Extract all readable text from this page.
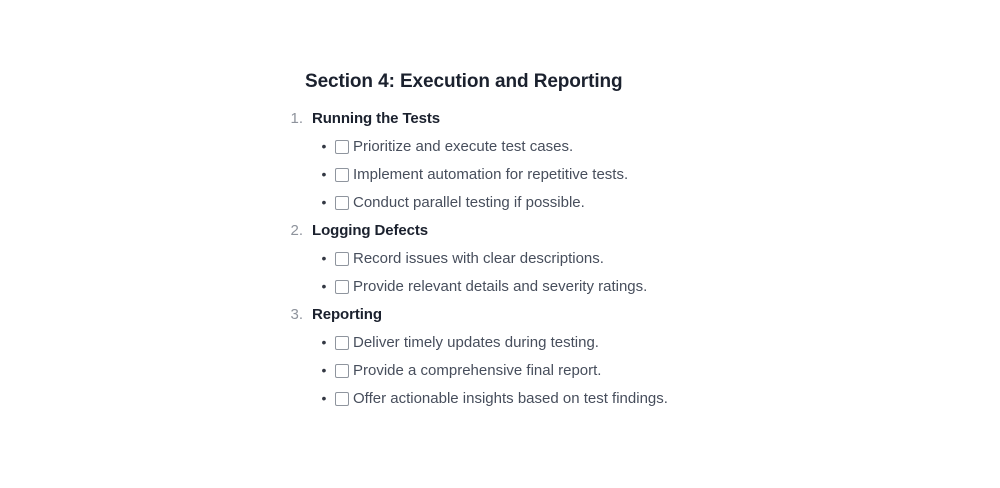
Section 4: Execution and Reporting
1. Running the Tests
• Prioritize and execute test cases.
• Implement automation for repetitive tests.
• Conduct parallel testing if possible.
2. Logging Defects
• Record issues with clear descriptions.
• Provide relevant details and severity ratings.
3. Reporting
• Deliver timely updates during testing.
• Provide a comprehensive final report.
• Offer actionable insights based on test findings.
